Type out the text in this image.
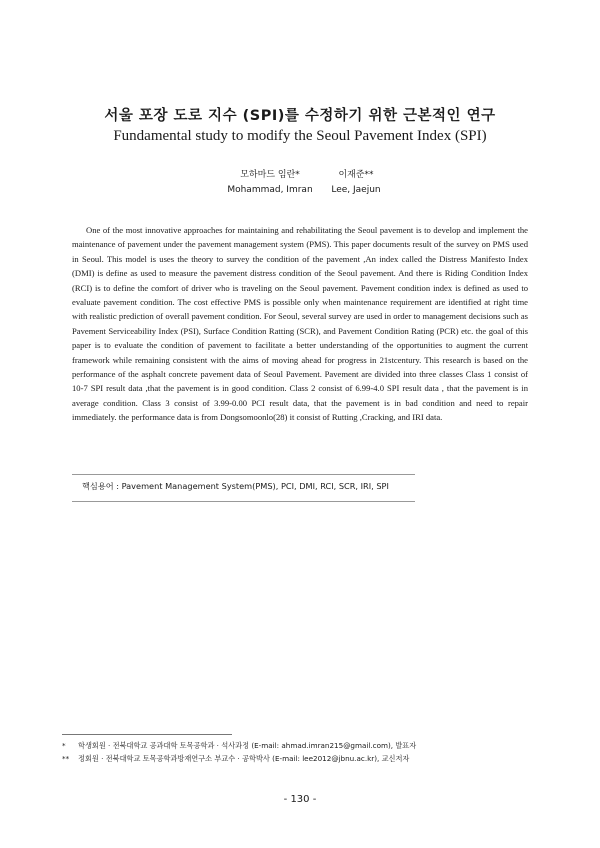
서울 포장 도로 지수 (SPI)를 수정하기 위한 근본적인 연구
Fundamental study to modify the Seoul Pavement Index (SPI)
모하마드 임란*
Mohammad, Imran
이재준**
Lee, Jaejun

One of the most innovative approaches for maintaining and rehabilitating the Seoul pavement is to develop and implement the maintenance of pavement under the pavement management system (PMS). This paper documents result of the survey on PMS used in Seoul. This model is uses the theory to survey the condition of the pavement ,An index called the Distress Manifesto Index (DMI) is define as used to measure the pavement distress condition of the Seoul pavement. And there is Riding Condition Index (RCI) is to define the comfort of driver who is traveling on the Seoul pavement. Pavement condition index is defined as used to evaluate pavement condition. The cost effective PMS is possible only when maintenance requirement are identified at right time with realistic prediction of overall pavement condition. For Seoul, several survey are used in order to management decisions such as Pavement Serviceability Index (PSI), Surface Condition Ratting (SCR), and Pavement Condition Rating (PCR) etc. the goal of this paper is to evaluate the condition of pavement to facilitate a better understanding of the opportunities to augment the current framework while remaining consistent with the aims of moving ahead for progress in 21stcentury. This research is based on the performance of the asphalt concrete pavement data of Seoul Pavement. Pavement are divided into three classes Class 1 consist of 10-7 SPI result data ,that the pavement is in good condition. Class 2 consist of 6.99-4.0 SPI result data , that the pavement is in average condition. Class 3 consist of 3.99-0.00 PCI result data, that the pavement is in bad condition and need to repair immediately. the performance data is from Dongsomoonlo(28) it consist of Rutting ,Cracking, and IRI data.

핵심용어 : Pavement Management System(PMS), PCI, DMI, RCI, SCR, IRI, SPI
* 학생회원 · 전북대학교 공과대학 토목공학과 · 석사과정 (E-mail: ahmad.imran215@gmail.com), 발표자
** 정회원 · 전북대학교 토목공학과방재연구소 부교수 · 공학박사 (E-mail: lee2012@jbnu.ac.kr), 교신저자
- 130 -
